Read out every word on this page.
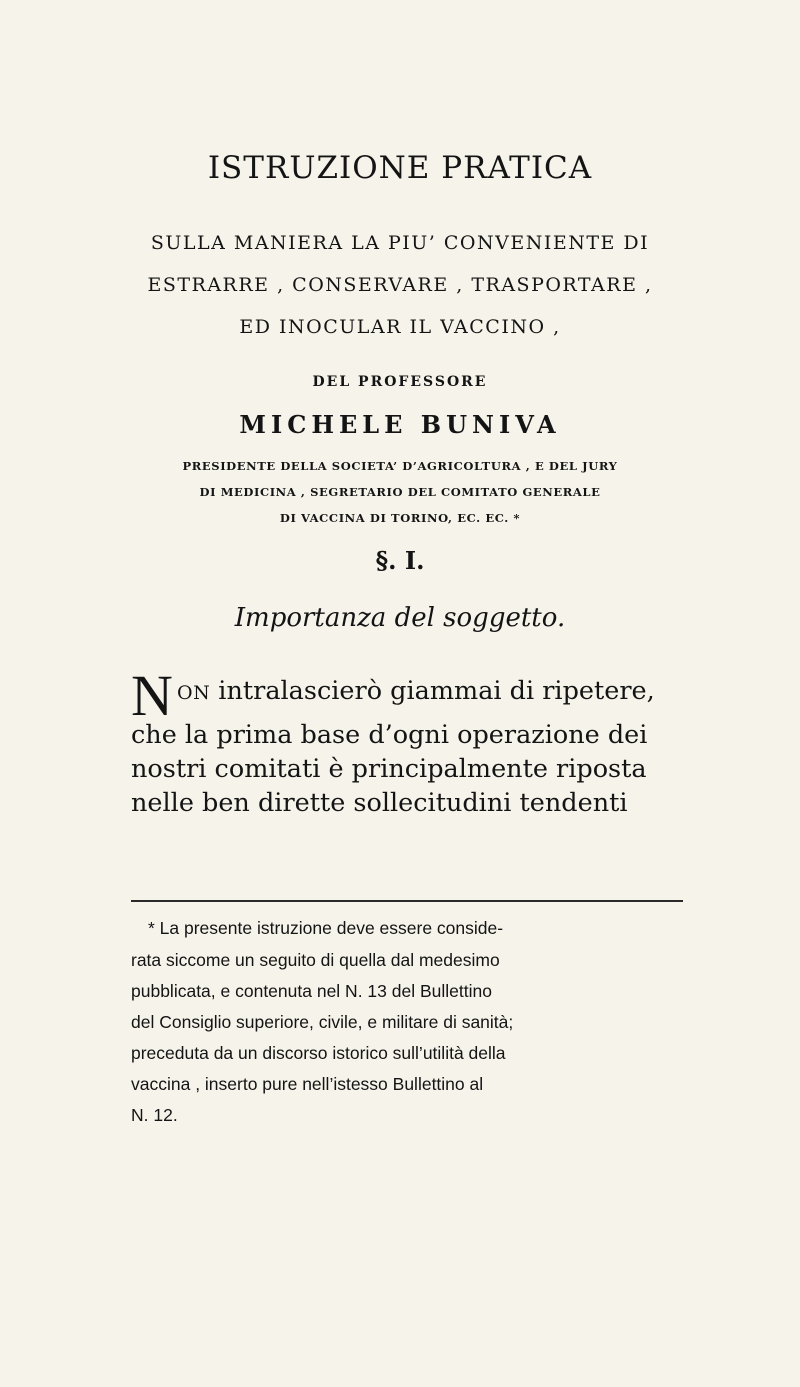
ISTRUZIONE PRATICA
SULLA MANIERA LA PIU’ CONVENIENTE DI
ESTRARRE , CONSERVARE , TRASPORTARE ,
ED INOCULAR IL VACCINO ,
DEL PROFESSORE
MICHELE BUNIVA
PRESIDENTE DELLA SOCIETA’ D’AGRICOLTURA , E DEL JURY
DI MEDICINA , SEGRETARIO DEL COMITATO GENERALE
DI VACCINA DI TORINO, EC. EC. *
§. I.
Importanza del soggetto.
N ON intralascierò giammai di ripetere,
che la prima base d’ogni operazione dei
nostri comitati è principalmente riposta
nelle ben dirette sollecitudini tendenti
* La presente istruzione deve essere conside-
rata siccome un seguito di quella dal medesimo
pubblicata, e contenuta nel N. 13 del Bullettino
del Consiglio superiore, civile, e militare di sanità;
preceduta da un discorso istorico sull’utilità della
vaccina , inserto pure nell’istesso Bullettino al
N. 12.
